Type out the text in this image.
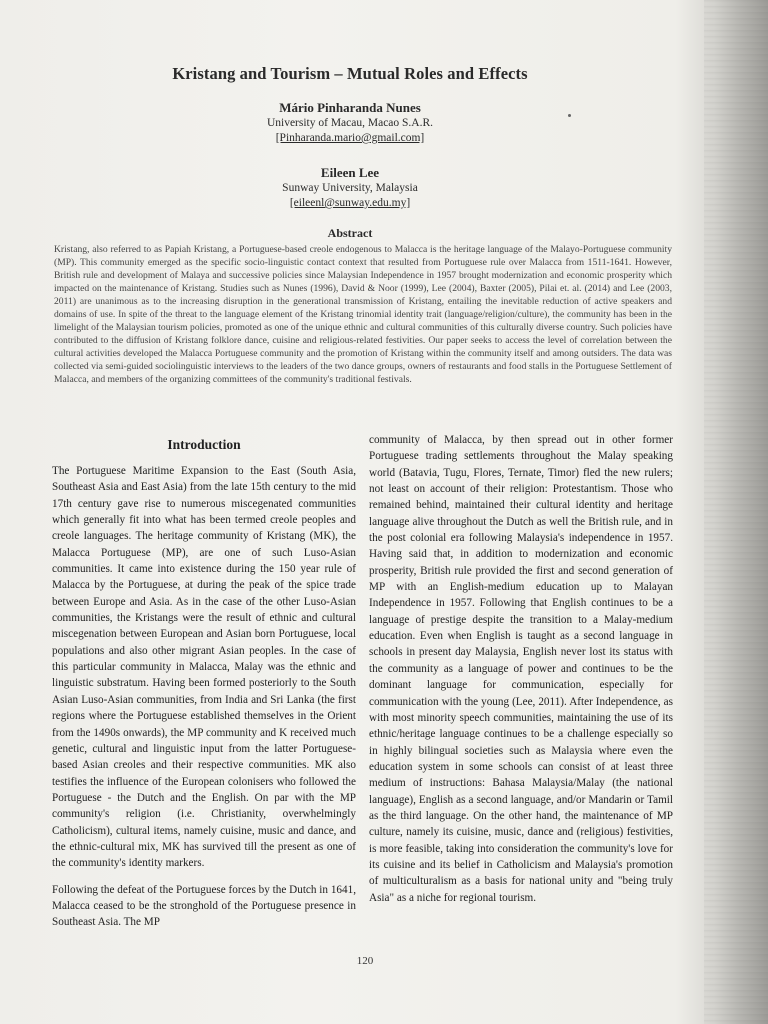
Kristang and Tourism – Mutual Roles and Effects
Mário Pinharanda Nunes
University of Macau, Macao S.A.R.
[Pinharanda.mario@gmail.com]
Eileen Lee
Sunway University, Malaysia
[eileenl@sunway.edu.my]
Abstract
Kristang, also referred to as Papiah Kristang, a Portuguese-based creole endogenous to Malacca is the heritage language of the Malayo-Portuguese community (MP). This community emerged as the specific socio-linguistic contact context that resulted from Portuguese rule over Malacca from 1511-1641. However, British rule and development of Malaya and successive policies since Malaysian Independence in 1957 brought modernization and economic prosperity which impacted on the maintenance of Kristang. Studies such as Nunes (1996), David & Noor (1999), Lee (2004), Baxter (2005), Pilai et. al. (2014) and Lee (2003, 2011) are unanimous as to the increasing disruption in the generational transmission of Kristang, entailing the inevitable reduction of active speakers and domains of use. In spite of the threat to the language element of the Kristang trinomial identity trait (language/religion/culture), the community has been in the limelight of the Malaysian tourism policies, promoted as one of the unique ethnic and cultural communities of this culturally diverse country. Such policies have contributed to the diffusion of Kristang folklore dance, cuisine and religious-related festivities. Our paper seeks to access the level of correlation between the cultural activities developed the Malacca Portuguese community and the promotion of Kristang within the community itself and among outsiders. The data was collected via semi-guided sociolinguistic interviews to the leaders of the two dance groups, owners of restaurants and food stalls in the Portuguese Settlement of Malacca, and members of the organizing committees of the community's traditional festivals.
Introduction

The Portuguese Maritime Expansion to the East (South Asia, Southeast Asia and East Asia) from the late 15th century to the mid 17th century gave rise to numerous miscegenated communities which generally fit into what has been termed creole peoples and creole languages. The heritage community of Kristang (MK), the Malacca Portuguese (MP), are one of such Luso-Asian communities. It came into existence during the 150 year rule of Malacca by the Portuguese, at during the peak of the spice trade between Europe and Asia. As in the case of the other Luso-Asian communities, the Kristangs were the result of ethnic and cultural miscegenation between European and Asian born Portuguese, local populations and also other migrant Asian peoples. In the case of this particular community in Malacca, Malay was the ethnic and linguistic substratum. Having been formed posteriorly to the South Asian Luso-Asian communities, from India and Sri Lanka (the first regions where the Portuguese established themselves in the Orient from the 1490s onwards), the MP community and K received much genetic, cultural and linguistic input from the latter Portuguese-based Asian creoles and their respective communities. MK also testifies the influence of the European colonisers who followed the Portuguese - the Dutch and the English. On par with the MP community's religion (i.e. Christianity, overwhelmingly Catholicism), cultural items, namely cuisine, music and dance, and the ethnic-cultural mix, MK has survived till the present as one of the community's identity markers.

Following the defeat of the Portuguese forces by the Dutch in 1641, Malacca ceased to be the stronghold of the Portuguese presence in Southeast Asia. The MP

community of Malacca, by then spread out in other former Portuguese trading settlements throughout the Malay speaking world (Batavia, Tugu, Flores, Ternate, Timor) fled the new rulers; not least on account of their religion: Protestantism. Those who remained behind, maintained their cultural identity and heritage language alive throughout the Dutch as well the British rule, and in the post colonial era following Malaysia's independence in 1957. Having said that, in addition to modernization and economic prosperity, British rule provided the first and second generation of MP with an English-medium education up to Malayan Independence in 1957. Following that English continues to be a language of prestige despite the transition to a Malay-medium education. Even when English is taught as a second language in schools in present day Malaysia, English never lost its status with the community as a language of power and continues to be the dominant language for communication, especially for communication with the young (Lee, 2011). After Independence, as with most minority speech communities, maintaining the use of its ethnic/heritage language continues to be a challenge especially so in highly bilingual societies such as Malaysia where even the education system in some schools can consist of at least three medium of instructions: Bahasa Malaysia/Malay (the national language), English as a second language, and/or Mandarin or Tamil as the third language. On the other hand, the maintenance of MP culture, namely its cuisine, music, dance and (religious) festivities, is more feasible, taking into consideration the community's love for its cuisine and its belief in Catholicism and Malaysia's promotion of multiculturalism as a basis for national unity and "being truly Asia" as a niche for regional tourism.

120
